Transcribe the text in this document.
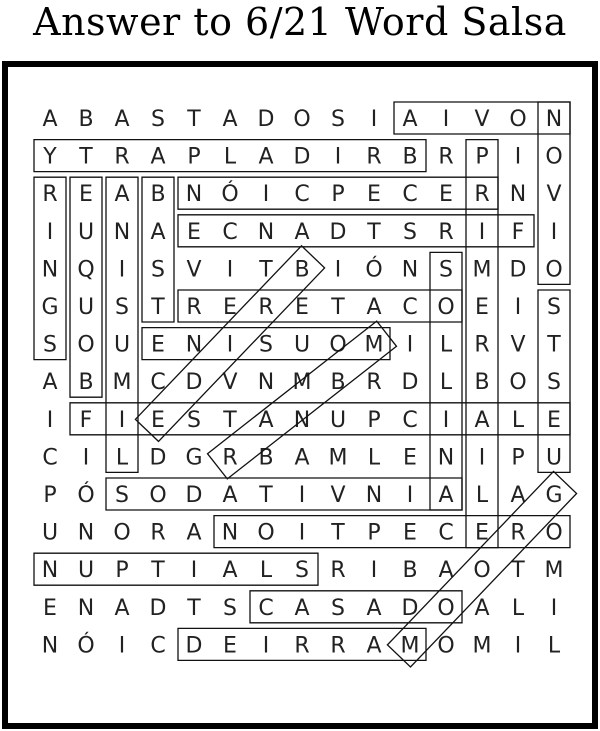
Answer to 6/21 Word Salsa
A B A S T A D O S I A I V O N
Y T R A P L A D I R B R P I O
R E A B N Ó I C P E C E R N V
I U N A E C N A D T S R I F I
N Q I S V I T B I Ó N S M D O
G U S T R E R E T A C O E I S
S O U E N I S U O M I L R V T
A B M C D V N M B R D L B O S
I F I E S T A N U P C I A L E
C I L D G R B A M L E N I P U
P Ó S O D A T I V N I A L A G
U N O R A N O I T P E C E R O
N U P T I A L S R I B A O T M
E N A D T S C A S A D O A L I
N Ó I C D E I R R A M O M I L
